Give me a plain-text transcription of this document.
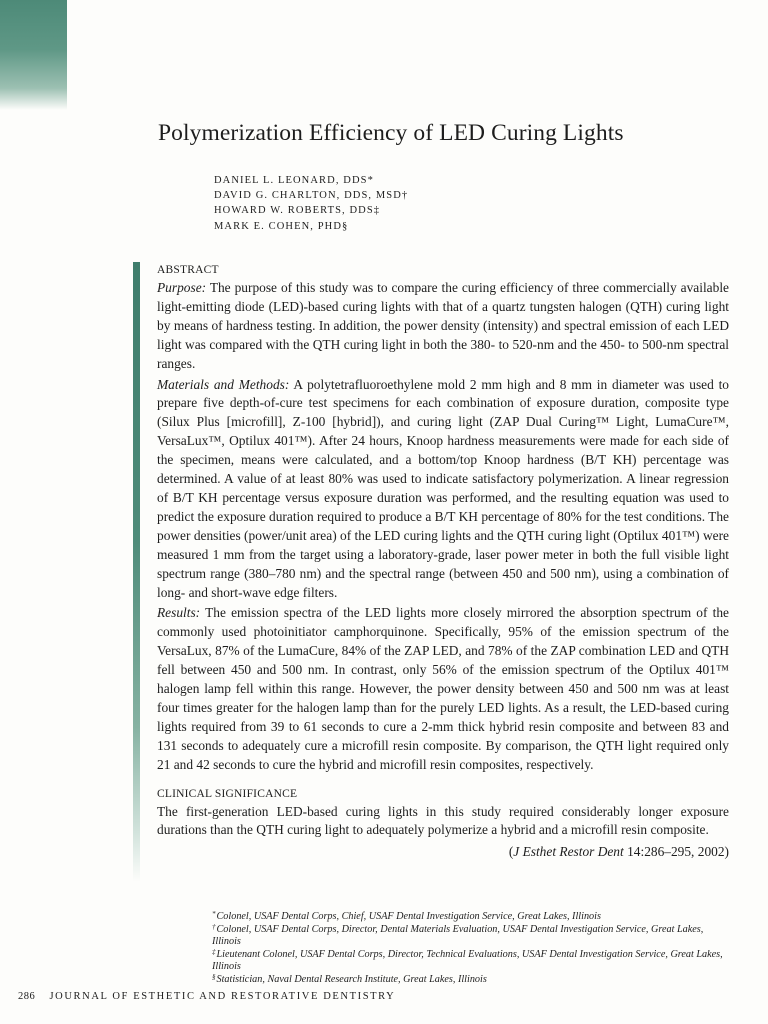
Polymerization Efficiency of LED Curing Lights
DANIEL L. LEONARD, DDS*
DAVID G. CHARLTON, DDS, MSD†
HOWARD W. ROBERTS, DDS‡
MARK E. COHEN, PHD§
ABSTRACT

Purpose: The purpose of this study was to compare the curing efficiency of three commercially available light-emitting diode (LED)-based curing lights with that of a quartz tungsten halogen (QTH) curing light by means of hardness testing. In addition, the power density (intensity) and spectral emission of each LED light was compared with the QTH curing light in both the 380- to 520-nm and the 450- to 500-nm spectral ranges.

Materials and Methods: A polytetrafluoroethylene mold 2 mm high and 8 mm in diameter was used to prepare five depth-of-cure test specimens for each combination of exposure duration, composite type (Silux Plus [microfill], Z-100 [hybrid]), and curing light (ZAP Dual Curing™ Light, LumaCure™, VersaLux™, Optilux 401™). After 24 hours, Knoop hardness measurements were made for each side of the specimen, means were calculated, and a bottom/top Knoop hardness (B/T KH) percentage was determined. A value of at least 80% was used to indicate satisfactory polymerization. A linear regression of B/T KH percentage versus exposure duration was performed, and the resulting equation was used to predict the exposure duration required to produce a B/T KH percentage of 80% for the test conditions. The power densities (power/unit area) of the LED curing lights and the QTH curing light (Optilux 401™) were measured 1 mm from the target using a laboratory-grade, laser power meter in both the full visible light spectrum range (380–780 nm) and the spectral range (between 450 and 500 nm), using a combination of long- and short-wave edge filters.

Results: The emission spectra of the LED lights more closely mirrored the absorption spectrum of the commonly used photoinitiator camphorquinone. Specifically, 95% of the emission spectrum of the VersaLux, 87% of the LumaCure, 84% of the ZAP LED, and 78% of the ZAP combination LED and QTH fell between 450 and 500 nm. In contrast, only 56% of the emission spectrum of the Optilux 401™ halogen lamp fell within this range. However, the power density between 450 and 500 nm was at least four times greater for the halogen lamp than for the purely LED lights. As a result, the LED-based curing lights required from 39 to 61 seconds to cure a 2-mm thick hybrid resin composite and between 83 and 131 seconds to adequately cure a microfill resin composite. By comparison, the QTH light required only 21 and 42 seconds to cure the hybrid and microfill resin composites, respectively.

CLINICAL SIGNIFICANCE

The first-generation LED-based curing lights in this study required considerably longer exposure durations than the QTH curing light to adequately polymerize a hybrid and a microfill resin composite.

(J Esthet Restor Dent 14:286–295, 2002)

*Colonel, USAF Dental Corps, Chief, USAF Dental Investigation Service, Great Lakes, Illinois

†Colonel, USAF Dental Corps, Director, Dental Materials Evaluation, USAF Dental Investigation Service, Great Lakes, Illinois

‡Lieutenant Colonel, USAF Dental Corps, Director, Technical Evaluations, USAF Dental Investigation Service, Great Lakes, Illinois

§Statistician, Naval Dental Research Institute, Great Lakes, Illinois

286 JOURNAL OF ESTHETIC AND RESTORATIVE DENTISTRY
